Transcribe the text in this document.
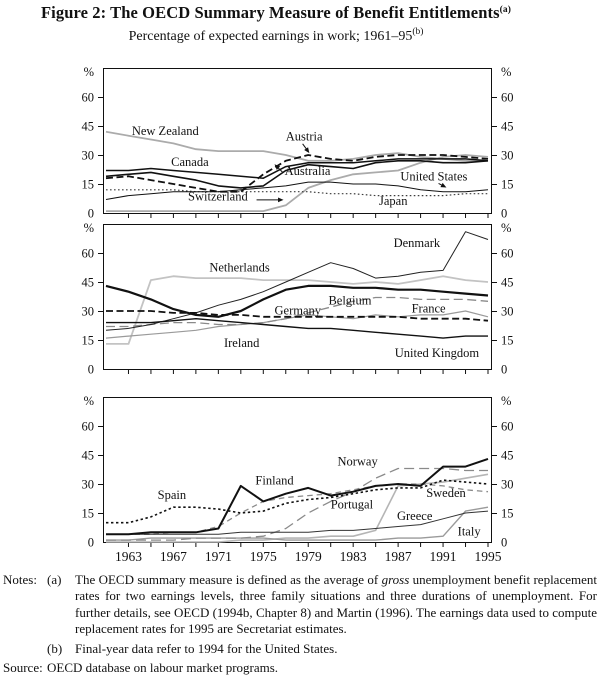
Figure 2: The OECD Summary Measure of Benefit Entitlements$^{(a)}$
Percentage of expected earnings in work; 1961–95$^{(b)}$
0	0
15	15
30	30
45	45
60	60
%	%
New Zealand
Canada
Austria
Australia	United States
Switzerland	Japan
0	0
15	15
30	30
45	45
60	60
%	%
Netherlands
Denmark
Belgium
Germany	France
Ireland
United Kingdom
0	0
15	15
30	30
45	45
60	60
%	%
Spain
Finland
Norway
Portugal
Sweden
Greece
Italy
1963 1967 1971 1975 1979 1983 1987 1991 1995
Notes: (a)	The OECD summary measure is defined as the average of gross unemployment benefit replacement rates for two earnings levels, three family situations and three durations of unemployment. For further details, see OECD (1994b, Chapter 8) and Martin (1996). The earnings data used to compute replacement rates for 1995 are Secretariat estimates.
(b) Final-year data refer to 1994 for the United States.
Source: OECD database on labour market programs.
